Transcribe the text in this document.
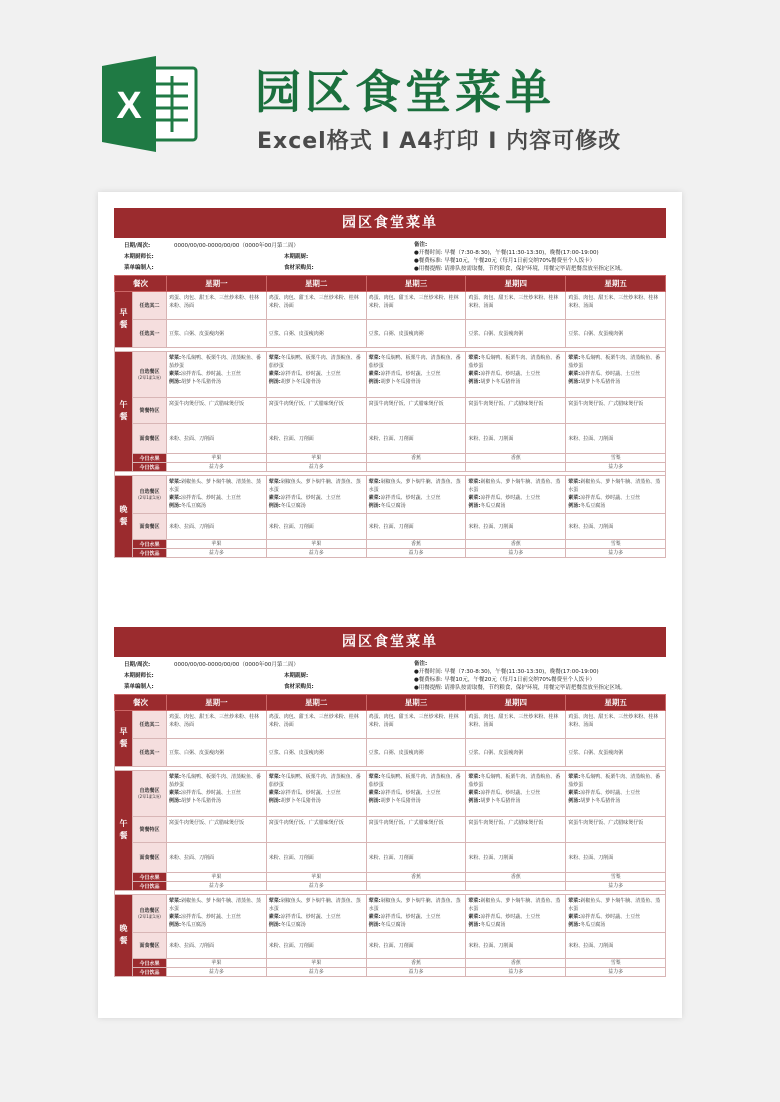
X 园区食堂菜单
Excel格式 I A4打印 I 内容可修改
园区食堂菜单
日期/周次:	0000/00/00-0000/00/00（0000年00月第二周）
本期厨师长:	本期副厨:
菜单编制人:	食材采购员:
备注:
●开餐时间: 早餐（7:30-8:30)，午餐(11:30-13:30)，晚餐(17:00-19:00)
●餐费标准: 早餐10元，午餐20元（每月1日前交纳70%餐费至个人饭卡）
●用餐提醒: 请排队按需取餐，节约粮食，保护环境，用餐完毕请把餐盘放至指定区域。
餐次		星期一	星期二	星期三	星期四	星期五
早餐	任选其二	鸡蛋、肉包、甜玉米、三丝炒米粉、桂林米粉、汤面	鸡蛋、肉包、甜玉米、三丝炒米粉、桂林米粉、汤面	鸡蛋、肉包、甜玉米、三丝炒米粉、桂林米粉、汤面	鸡蛋、肉包、甜玉米、三丝炒米粉、桂林米粉、汤面	鸡蛋、肉包、甜玉米、三丝炒米粉、桂林米粉、汤面
	任选其一	豆浆、白粥、皮蛋瘦肉粥	豆浆、白粥、皮蛋瘦肉粥	豆浆、白粥、皮蛋瘦肉粥	豆浆、白粥、皮蛋瘦肉粥	豆浆、白粥、皮蛋瘦肉粥

午餐	自选餐区
(2荤1素1汤)	荤菜:冬瓜焖鸭、板栗牛肉、清蒸鲩鱼、番茄炒蛋
素菜:凉拌青瓜、炒时蔬、土豆丝
例汤:胡萝卜冬瓜猪骨汤	荤菜:冬瓜焖鸭、板栗牛肉、清蒸鲩鱼、番茄炒蛋
素菜:凉拌青瓜、炒时蔬、土豆丝
例汤:胡萝卜冬瓜猪骨汤	荤菜:冬瓜焖鸭、板栗牛肉、清蒸鲩鱼、番茄炒蛋
素菜:凉拌青瓜、炒时蔬、土豆丝
例汤:胡萝卜冬瓜猪骨汤	荤菜:冬瓜焖鸭、板栗牛肉、清蒸鲩鱼、番茄炒蛋
素菜:凉拌青瓜、炒时蔬、土豆丝
例汤:胡萝卜冬瓜猪骨汤	荤菜:冬瓜焖鸭、板栗牛肉、清蒸鲩鱼、番茄炒蛋
素菜:凉拌青瓜、炒时蔬、土豆丝
例汤:胡萝卜冬瓜猪骨汤
	简餐特区	窝蛋牛肉煲仔饭、广式腊味煲仔饭	窝蛋牛肉煲仔饭、广式腊味煲仔饭	窝蛋牛肉煲仔饭、广式腊味煲仔饭	窝蛋牛肉煲仔饭、广式腊味煲仔饭	窝蛋牛肉煲仔饭、广式腊味煲仔饭
	面食餐区	米粉、拉面、刀削面	米粉、拉面、刀削面	米粉、拉面、刀削面	米粉、拉面、刀削面	米粉、拉面、刀削面
	今日水果	苹果	苹果	香蕉	香蕉	雪梨
	今日饮品	益力多	益力多			益力多

晚餐	自选餐区
(2荤1素1汤)	荤菜:剁椒鱼头、萝卜焖牛腩、清蒸鱼、蒸水蛋
素菜:凉拌青瓜、炒时蔬、土豆丝
例汤:冬瓜豆腐汤	荤菜:剁椒鱼头、萝卜焖牛腩、清蒸鱼、蒸水蛋
素菜:凉拌青瓜、炒时蔬、土豆丝
例汤:冬瓜豆腐汤	荤菜:剁椒鱼头、萝卜焖牛腩、清蒸鱼、蒸水蛋
素菜:凉拌青瓜、炒时蔬、土豆丝
例汤:冬瓜豆腐汤	荤菜:剁椒鱼头、萝卜焖牛腩、清蒸鱼、蒸水蛋
素菜:凉拌青瓜、炒时蔬、土豆丝
例汤:冬瓜豆腐汤	荤菜:剁椒鱼头、萝卜焖牛腩、清蒸鱼、蒸水蛋
素菜:凉拌青瓜、炒时蔬、土豆丝
例汤:冬瓜豆腐汤
	面食餐区	米粉、拉面、刀削面	米粉、拉面、刀削面	米粉、拉面、刀削面	米粉、拉面、刀削面	米粉、拉面、刀削面
	今日水果	苹果	苹果	香蕉	香蕉	雪梨
	今日饮品	益力多	益力多	益力多	益力多	益力多
园区食堂菜单
日期/周次:	0000/00/00-0000/00/00（0000年00月第二周）
本期厨师长:	本期副厨:
菜单编制人:	食材采购员:
备注:
●开餐时间: 早餐（7:30-8:30)，午餐(11:30-13:30)，晚餐(17:00-19:00)
●餐费标准: 早餐10元，午餐20元（每月1日前交纳70%餐费至个人饭卡）
●用餐提醒: 请排队按需取餐，节约粮食，保护环境，用餐完毕请把餐盘放至指定区域。
餐次		星期一	星期二	星期三	星期四	星期五
早餐	任选其二	鸡蛋、肉包、甜玉米、三丝炒米粉、桂林米粉、汤面	鸡蛋、肉包、甜玉米、三丝炒米粉、桂林米粉、汤面	鸡蛋、肉包、甜玉米、三丝炒米粉、桂林米粉、汤面	鸡蛋、肉包、甜玉米、三丝炒米粉、桂林米粉、汤面	鸡蛋、肉包、甜玉米、三丝炒米粉、桂林米粉、汤面
	任选其一	豆浆、白粥、皮蛋瘦肉粥	豆浆、白粥、皮蛋瘦肉粥	豆浆、白粥、皮蛋瘦肉粥	豆浆、白粥、皮蛋瘦肉粥	豆浆、白粥、皮蛋瘦肉粥

午餐	自选餐区
(2荤1素1汤)	荤菜:冬瓜焖鸭、板栗牛肉、清蒸鲩鱼、番茄炒蛋
素菜:凉拌青瓜、炒时蔬、土豆丝
例汤:胡萝卜冬瓜猪骨汤	荤菜:冬瓜焖鸭、板栗牛肉、清蒸鲩鱼、番茄炒蛋
素菜:凉拌青瓜、炒时蔬、土豆丝
例汤:胡萝卜冬瓜猪骨汤	荤菜:冬瓜焖鸭、板栗牛肉、清蒸鲩鱼、番茄炒蛋
素菜:凉拌青瓜、炒时蔬、土豆丝
例汤:胡萝卜冬瓜猪骨汤	荤菜:冬瓜焖鸭、板栗牛肉、清蒸鲩鱼、番茄炒蛋
素菜:凉拌青瓜、炒时蔬、土豆丝
例汤:胡萝卜冬瓜猪骨汤	荤菜:冬瓜焖鸭、板栗牛肉、清蒸鲩鱼、番茄炒蛋
素菜:凉拌青瓜、炒时蔬、土豆丝
例汤:胡萝卜冬瓜猪骨汤
	简餐特区	窝蛋牛肉煲仔饭、广式腊味煲仔饭	窝蛋牛肉煲仔饭、广式腊味煲仔饭	窝蛋牛肉煲仔饭、广式腊味煲仔饭	窝蛋牛肉煲仔饭、广式腊味煲仔饭	窝蛋牛肉煲仔饭、广式腊味煲仔饭
	面食餐区	米粉、拉面、刀削面	米粉、拉面、刀削面	米粉、拉面、刀削面	米粉、拉面、刀削面	米粉、拉面、刀削面
	今日水果	苹果	苹果	香蕉	香蕉	雪梨
	今日饮品	益力多	益力多			益力多

晚餐	自选餐区
(2荤1素1汤)	荤菜:剁椒鱼头、萝卜焖牛腩、清蒸鱼、蒸水蛋
素菜:凉拌青瓜、炒时蔬、土豆丝
例汤:冬瓜豆腐汤	荤菜:剁椒鱼头、萝卜焖牛腩、清蒸鱼、蒸水蛋
素菜:凉拌青瓜、炒时蔬、土豆丝
例汤:冬瓜豆腐汤	荤菜:剁椒鱼头、萝卜焖牛腩、清蒸鱼、蒸水蛋
素菜:凉拌青瓜、炒时蔬、土豆丝
例汤:冬瓜豆腐汤	荤菜:剁椒鱼头、萝卜焖牛腩、清蒸鱼、蒸水蛋
素菜:凉拌青瓜、炒时蔬、土豆丝
例汤:冬瓜豆腐汤	荤菜:剁椒鱼头、萝卜焖牛腩、清蒸鱼、蒸水蛋
素菜:凉拌青瓜、炒时蔬、土豆丝
例汤:冬瓜豆腐汤
	面食餐区	米粉、拉面、刀削面	米粉、拉面、刀削面	米粉、拉面、刀削面	米粉、拉面、刀削面	米粉、拉面、刀削面
	今日水果	苹果	苹果	香蕉	香蕉	雪梨
	今日饮品	益力多	益力多	益力多	益力多	益力多
